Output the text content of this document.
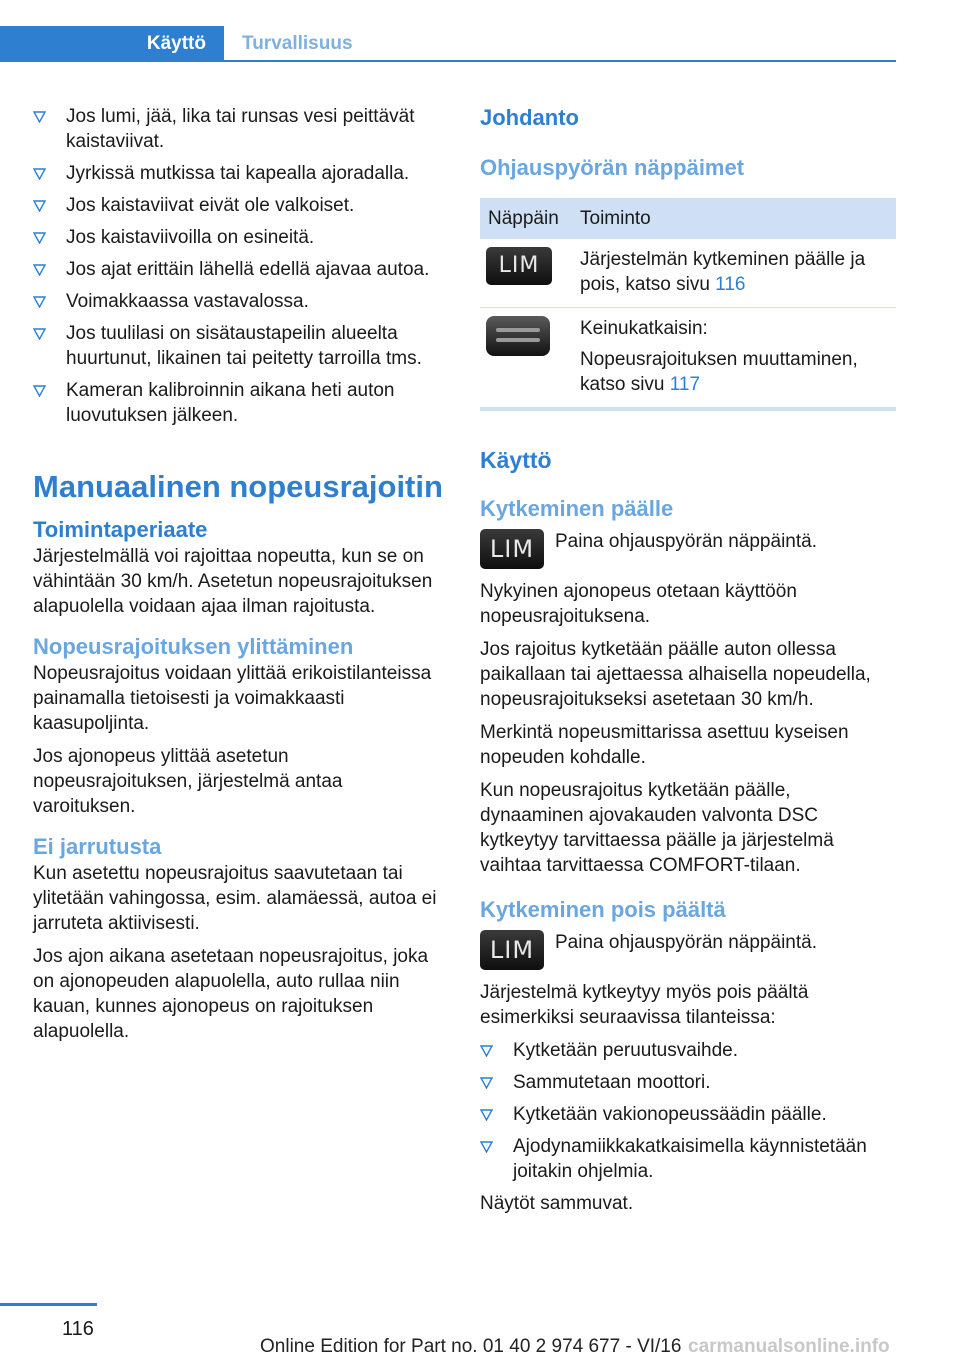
Käyttö	Turvallisuus
Jos lumi, jää, lika tai runsas vesi peittävät kaistaviivat.
Jyrkissä mutkissa tai kapealla ajoradalla.
Jos kaistaviivat eivät ole valkoiset.
Jos kaistaviivoilla on esineitä.
Jos ajat erittäin lähellä edellä ajavaa autoa.
Voimakkaassa vastavalossa.
Jos tuulilasi on sisätaustapeilin alueelta huurtunut, likainen tai peitetty tarroilla tms.
Kameran kalibroinnin aikana heti auton luovutuksen jälkeen.
Manuaalinen nopeusrajoitin
Toimintaperiaate

Järjestelmällä voi rajoittaa nopeutta, kun se on vähintään 30 km/h. Asetetun nopeusrajoituksen alapuolella voidaan ajaa ilman rajoitusta.

Nopeusrajoituksen ylittäminen

Nopeusrajoitus voidaan ylittää erikoistilanteissa painamalla tietoisesti ja voimakkaasti kaasupoljinta.

Jos ajonopeus ylittää asetetun nopeusrajoituksen, järjestelmä antaa varoituksen.

Ei jarrutusta

Kun asetettu nopeusrajoitus saavutetaan tai ylitetään vahingossa, esim. alamäessä, autoa ei jarruteta aktiivisesti.

Jos ajon aikana asetetaan nopeusrajoitus, joka on ajonopeuden alapuolella, auto rullaa niin kauan, kunnes ajonopeus on rajoituksen alapuolella.

Johdanto
Ohjauspyörän näppäimet
Näppäin	Toiminto
LIM	Järjestelmän kytkeminen päälle ja pois, katso sivu 116

	Keinukatkaisin:

Nopeusrajoituksen muuttaminen, katso sivu 117
Käyttö
Kytkeminen päälle
LIM	Paina ohjauspyörän näppäintä.

Nykyinen ajonopeus otetaan käyttöön nopeusrajoituksena.

Jos rajoitus kytketään päälle auton ollessa paikallaan tai ajettaessa alhaisella nopeudella, nopeusrajoitukseksi asetetaan 30 km/h.

Merkintä nopeusmittarissa asettuu kyseisen nopeuden kohdalle.

Kun nopeusrajoitus kytketään päälle, dynaaminen ajovakauden valvonta DSC kytkeytyy tarvittaessa päälle ja järjestelmä vaihtaa tarvittaessa COMFORT-tilaan.

Kytkeminen pois päältä
LIM	Paina ohjauspyörän näppäintä.

Järjestelmä kytkeytyy myös pois päältä esimerkiksi seuraavissa tilanteissa:

Kytketään peruutusvaihde.
Sammutetaan moottori.
Kytketään vakionopeussäädin päälle.
Ajodynamiikkakatkaisimella käynnistetään joitakin ohjelmia.

Näytöt sammuvat.

116
Online Edition for Part no. 01 40 2 974 677 - VI/16 carmanualsonline.info
